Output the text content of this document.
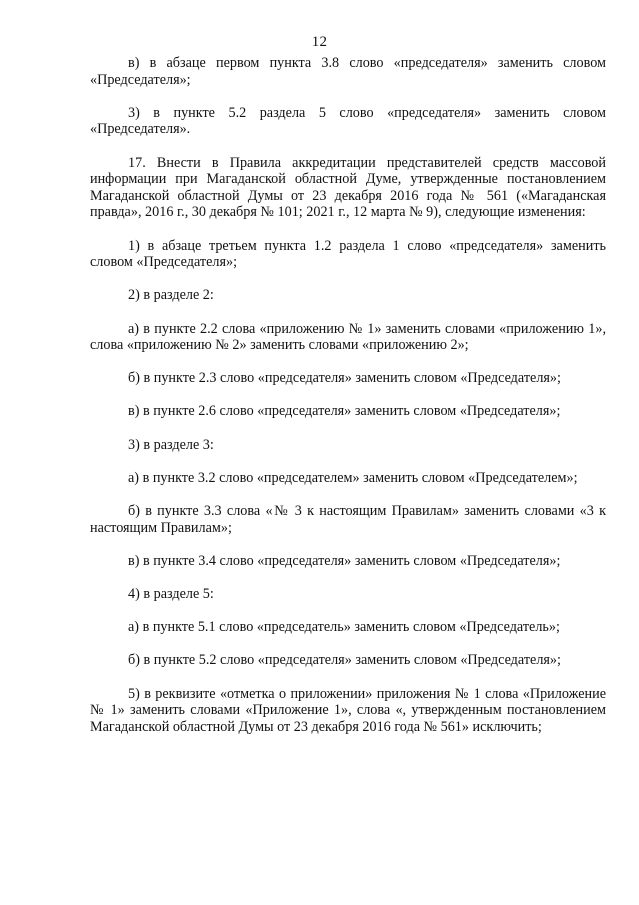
12

в) в абзаце первом пункта 3.8 слово «председателя» заменить словом «Председателя»;

3) в пункте 5.2 раздела 5 слово «председателя» заменить словом «Председателя».

17. Внести в Правила аккредитации представителей средств массовой информации при Магаданской областной Думе, утвержденные постановлением Магаданской областной Думы от 23 декабря 2016 года № 561 («Магаданская правда», 2016 г., 30 декабря № 101; 2021 г., 12 марта № 9), следующие изменения:

1) в абзаце третьем пункта 1.2 раздела 1 слово «председателя» заменить словом «Председателя»;

2) в разделе 2:

а) в пункте 2.2 слова «приложению № 1» заменить словами «приложению 1», слова «приложению № 2» заменить словами «приложению 2»;

б) в пункте 2.3 слово «председателя» заменить словом «Председателя»;

в) в пункте 2.6 слово «председателя» заменить словом «Председателя»;

3) в разделе 3:

а) в пункте 3.2 слово «председателем» заменить словом «Председателем»;

б) в пункте 3.3 слова «№ 3 к настоящим Правилам» заменить словами «3 к настоящим Правилам»;

в) в пункте 3.4 слово «председателя» заменить словом «Председателя»;

4) в разделе 5:

а) в пункте 5.1 слово «председатель» заменить словом «Председатель»;

б) в пункте 5.2 слово «председателя» заменить словом «Председателя»;

5) в реквизите «отметка о приложении» приложения № 1 слова «Приложение № 1» заменить словами «Приложение 1», слова «, утвержденным постановлением Магаданской областной Думы от 23 декабря 2016 года № 561» исключить;
